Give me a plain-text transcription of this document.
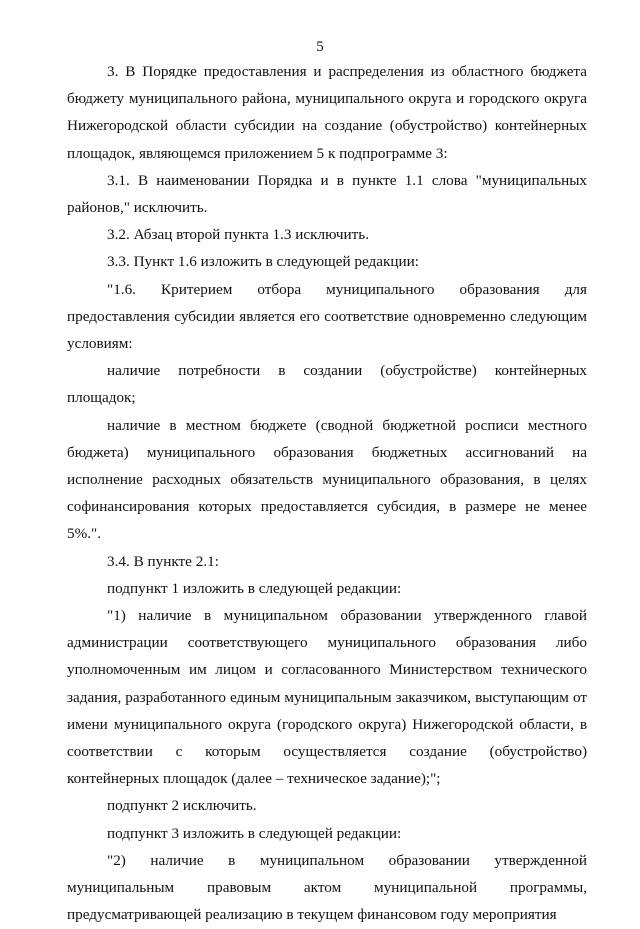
5

3. В Порядке предоставления и распределения из областного бюджета бюджету муниципального района, муниципального округа и городского округа Нижегородской области субсидии на создание (обустройство) контейнерных площадок, являющемся приложением 5 к подпрограмме 3:

3.1. В наименовании Порядка и в пункте 1.1 слова "муниципальных районов," исключить.

3.2. Абзац второй пункта 1.3 исключить.

3.3. Пункт 1.6 изложить в следующей редакции:

"1.6. Критерием отбора муниципального образования для предоставления субсидии является его соответствие одновременно следующим условиям:

наличие потребности в создании (обустройстве) контейнерных площадок;

наличие в местном бюджете (сводной бюджетной росписи местного бюджета) муниципального образования бюджетных ассигнований на исполнение расходных обязательств муниципального образования, в целях софинансирования которых предоставляется субсидия, в размере не менее 5%.".

3.4. В пункте 2.1:

подпункт 1 изложить в следующей редакции:

"1) наличие в муниципальном образовании утвержденного главой администрации соответствующего муниципального образования либо уполномоченным им лицом и согласованного Министерством технического задания, разработанного единым муниципальным заказчиком, выступающим от имени муниципального округа (городского округа) Нижегородской области, в соответствии с которым осуществляется создание (обустройство) контейнерных площадок (далее – техническое задание);";

подпункт 2 исключить.

подпункт 3 изложить в следующей редакции:

"2) наличие в муниципальном образовании утвержденной муниципальным правовым актом муниципальной программы, предусматривающей реализацию в текущем финансовом году мероприятия
